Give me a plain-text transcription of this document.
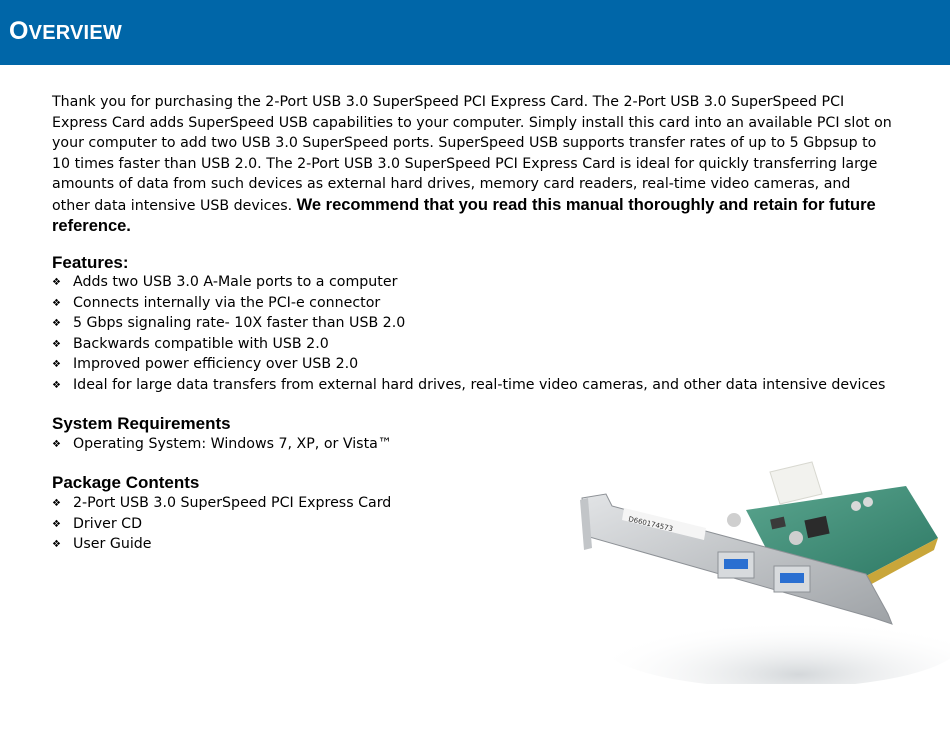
OVERVIEW
Thank you for purchasing the 2-Port USB 3.0 SuperSpeed PCI Express Card. The 2-Port USB 3.0 SuperSpeed PCI Express Card adds SuperSpeed USB capabilities to your computer. Simply install this card into an available PCI slot on your computer to add two USB 3.0 SuperSpeed ports. SuperSpeed USB supports transfer rates of up to 5 Gbpsup to 10 times faster than USB 2.0. The 2-Port USB 3.0 SuperSpeed PCI Express Card is ideal for quickly transferring large amounts of data from such devices as external hard drives, memory card readers, real-time video cameras, and other data intensive USB devices. We recommend that you read this manual thoroughly and retain for future reference.
Features:
❖ Adds two USB 3.0 A-Male ports to a computer
❖ Connects internally via the PCI-e connector
❖ 5 Gbps signaling rate- 10X faster than USB 2.0
❖ Backwards compatible with USB 2.0
❖ Improved power efficiency over USB 2.0
❖ Ideal for large data transfers from external hard drives, real-time video cameras, and other data intensive devices
System Requirements
❖ Operating System: Windows 7, XP, or Vista™
Package Contents
❖ 2-Port USB 3.0 SuperSpeed PCI Express Card
❖ Driver CD
❖ User Guide
D660174573
